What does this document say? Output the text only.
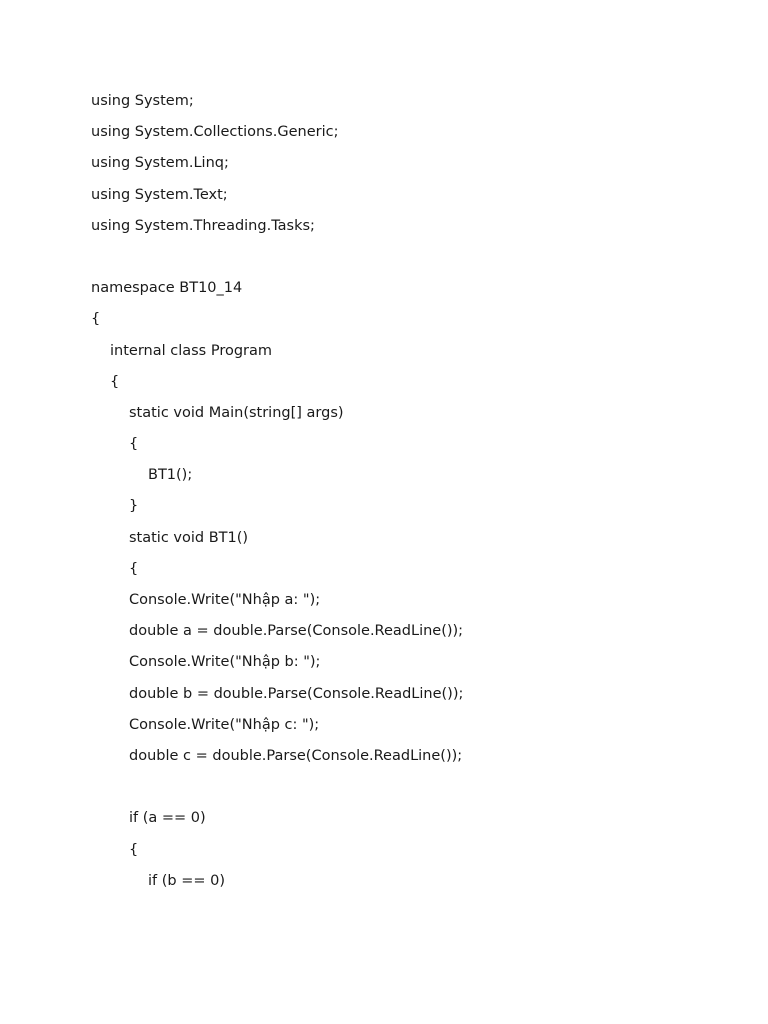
using System;
using System.Collections.Generic;
using System.Linq;
using System.Text;
using System.Threading.Tasks;
namespace BT10_14
{
internal class Program
{
static void Main(string[] args)
{
BT1();
}
static void BT1()
{
Console.Write("Nhập a: ");
double a = double.Parse(Console.ReadLine());
Console.Write("Nhập b: ");
double b = double.Parse(Console.ReadLine());
Console.Write("Nhập c: ");
double c = double.Parse(Console.ReadLine());
if (a == 0)
{
if (b == 0)
